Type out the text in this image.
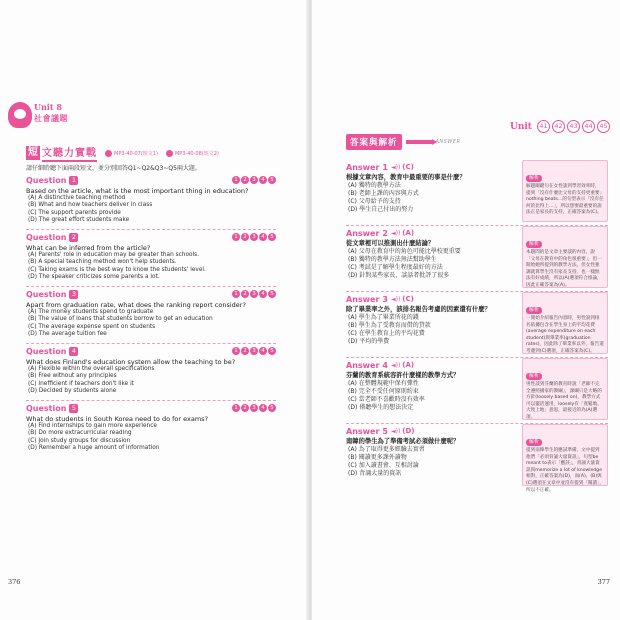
Unit 8
社會議題
短 文聽力實戰	MP3-40-07(短文1)	MP3-40-08(短文2)
請仔細聆聽下面兩段短文，並分別回答Q1~Q2&Q3~Q5兩大題。
Question 1	1	2	3	4	5
Based on the article, what is the most important thing in education?
(A) A distinctive teaching method
(B) What and how teachers deliver in class
(C) The support parents provide
(D) The great effort students make
Question 2	1	2	3	4	5
What can be inferred from the article?
(A) Parents' role in education may be greater than schools.
(B) A special teaching method won't help students.
(C) Taking exams is the best way to know the students' level.
(D) The speaker criticizes some parents a lot.
Question 3	1	2	3	4	5
Apart from graduation rate, what does the ranking report consider?
(A) The money students spend to graduate
(B) The value of loans that students borrow to get an education
(C) The average expense spent on students
(D) The average tuition fee
Question 4	1	2	3	4	5
What does Finland's education system allow the teaching to be?
(A) Flexible within the overall specifications
(B) Free without any principles
(C) Inefficient if teachers don't like it
(D) Decided by students alone
Question 5	1	2	3	4	5
What do students in South Korea need to do for exams?
(A) Find internships to gain more experience
(B) Do more extracurricular reading
(C) Join study groups for discussion
(D) Remember a huge amount of information
376
Unit	41	42	43	44	45
答案與解析	ANSWER
Answer 1 ◄)) (C)
根據文章內容，教育中最重要的事是什麼？
(A) 獨特的教學方法
(B) 老師上課的內容與方式
(C) 父母給予的支持
(D) 學生自己付出的努力
解析
解題關鍵句在女性談到學習效率時，提到「沒有什麼比父母的支持更重要」nothing beats…的句型表示「沒有任何的比得上…」，所以想要最重要的說法正是家長的支持，正確答案為(C)。
Answer 2 ◄)) (A)
從文章裡可以推測出什麼結論？
(A) 父母在教育中的角色可能比學校更重要
(B) 獨特的教學方法無法幫助學生
(C) 考試是了解學生程度最好的方法
(D) 針對某些家長，談話者批評了很多
解析
本題問的是文章主要談的內容，說「父母在教育中的角色很重要」，但一開始她所提到的教學方法，但女性強調就算學生沒有家長支持，也一樣無法有好成績，所以(A)選項符合推論，因此正確答案為(A)。
Answer 3 ◄)) (C)
除了畢業率之外，該排名報告考慮的因素還有什麼？
(A) 學生為了畢業所花的錢
(B) 學生為了受教育而借的貸款
(C) 在學生教育上的平均花費
(D) 平均的學費
解析
一開始介紹報告內容時，男性說到排名依據包含在學生身上的平均花費(average expenditure on each student)與畢業率(graduation rates)，因此除了畢業率以外，報告還考慮到(C)選項，正確答案為(C)。
Answer 4 ◄)) (A)
芬蘭的教育系統容許什麼樣的教學方式？
(A) 在整體規範中保有彈性
(B) 完全不受任何原則約束
(C) 當老師不喜歡時沒有效率
(D) 僅聽學生的想法決定
解析
男性談到芬蘭的教育時說「老師不完全遵照國家的教綱」，課綱只是大略的方針(loosely based on)，教學方式可以靈活運用，loosely有「寬鬆地、大致上地」意思，最接近的為(A)選項。
Answer 5 ◄)) (D)
南韓的學生為了準備考試必須做什麼呢？
(A) 為了取得更多經驗去實習
(B) 閱讀更多課外讀物
(C) 加入讀書會、互相討論
(D) 背誦大量的資訊
解析
提到南韓學生的應試準備，文中提到他們「必須背誦大量資訊」，句型be meant to表示「應該」，背誦大量資訊與memorize a lot of knowledge相對，正確答案為(D)，而(A)、(B)與(C)選項在文章中並沒有提到「閱讀」，所以不正確。
377
